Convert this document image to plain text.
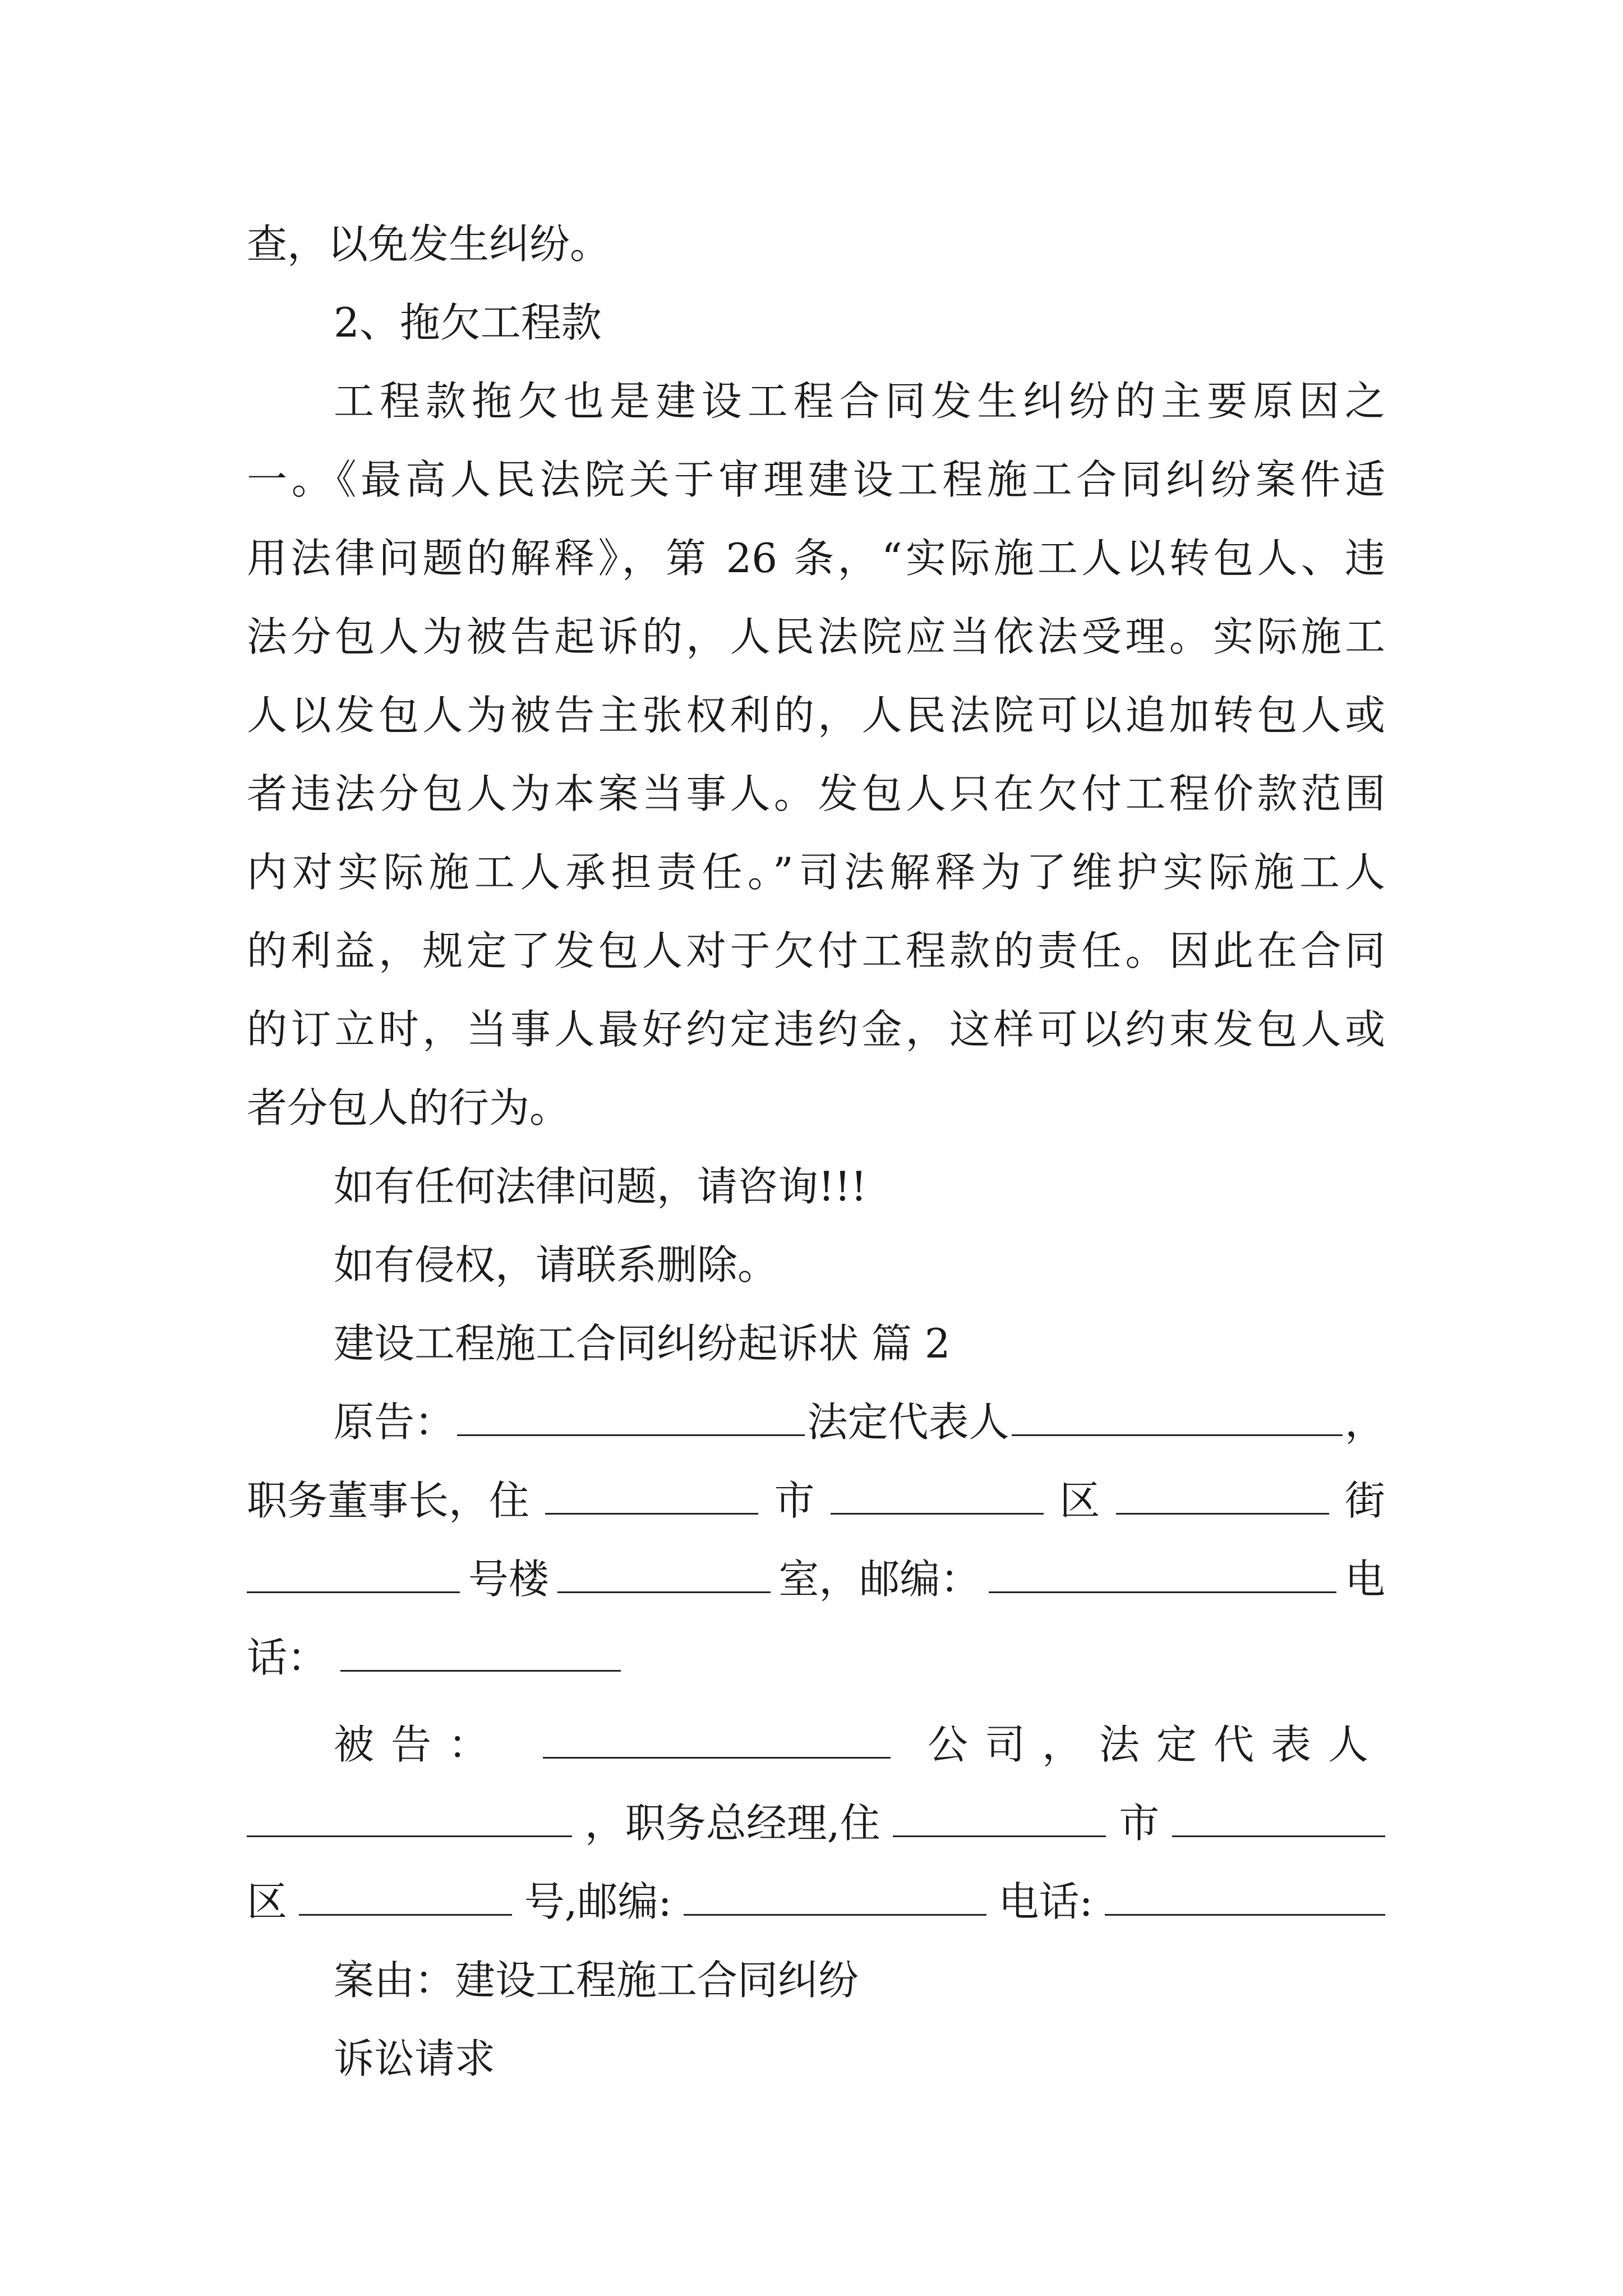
查，以免发生纠纷。
2、拖欠工程款
工程款拖欠也是建设工程合同发生纠纷的主要原因之
一。《最高人民法院关于审理建设工程施工合同纠纷案件适
用法律问题的解释》，第 26 条，“实际施工人以转包人、违
法分包人为被告起诉的，人民法院应当依法受理。实际施工
人以发包人为被告主张权利的，人民法院可以追加转包人或
者违法分包人为本案当事人。发包人只在欠付工程价款范围
内对实际施工人承担责任。”司法解释为了维护实际施工人
的利益，规定了发包人对于欠付工程款的责任。因此在合同
的订立时，当事人最好约定违约金，这样可以约束发包人或
者分包人的行为。
如有任何法律问题，请咨询!!!
如有侵权，请联系删除。
建设工程施工合同纠纷起诉状 篇 2
原告：	法定代表人	，
职务董事长，住	市	区	街
号楼	室，邮编：	电
话：
被告：	公司，法定代表人
，职务总经理,住	市
区	号,邮编:	电话:
案由：建设工程施工合同纠纷
诉讼请求
